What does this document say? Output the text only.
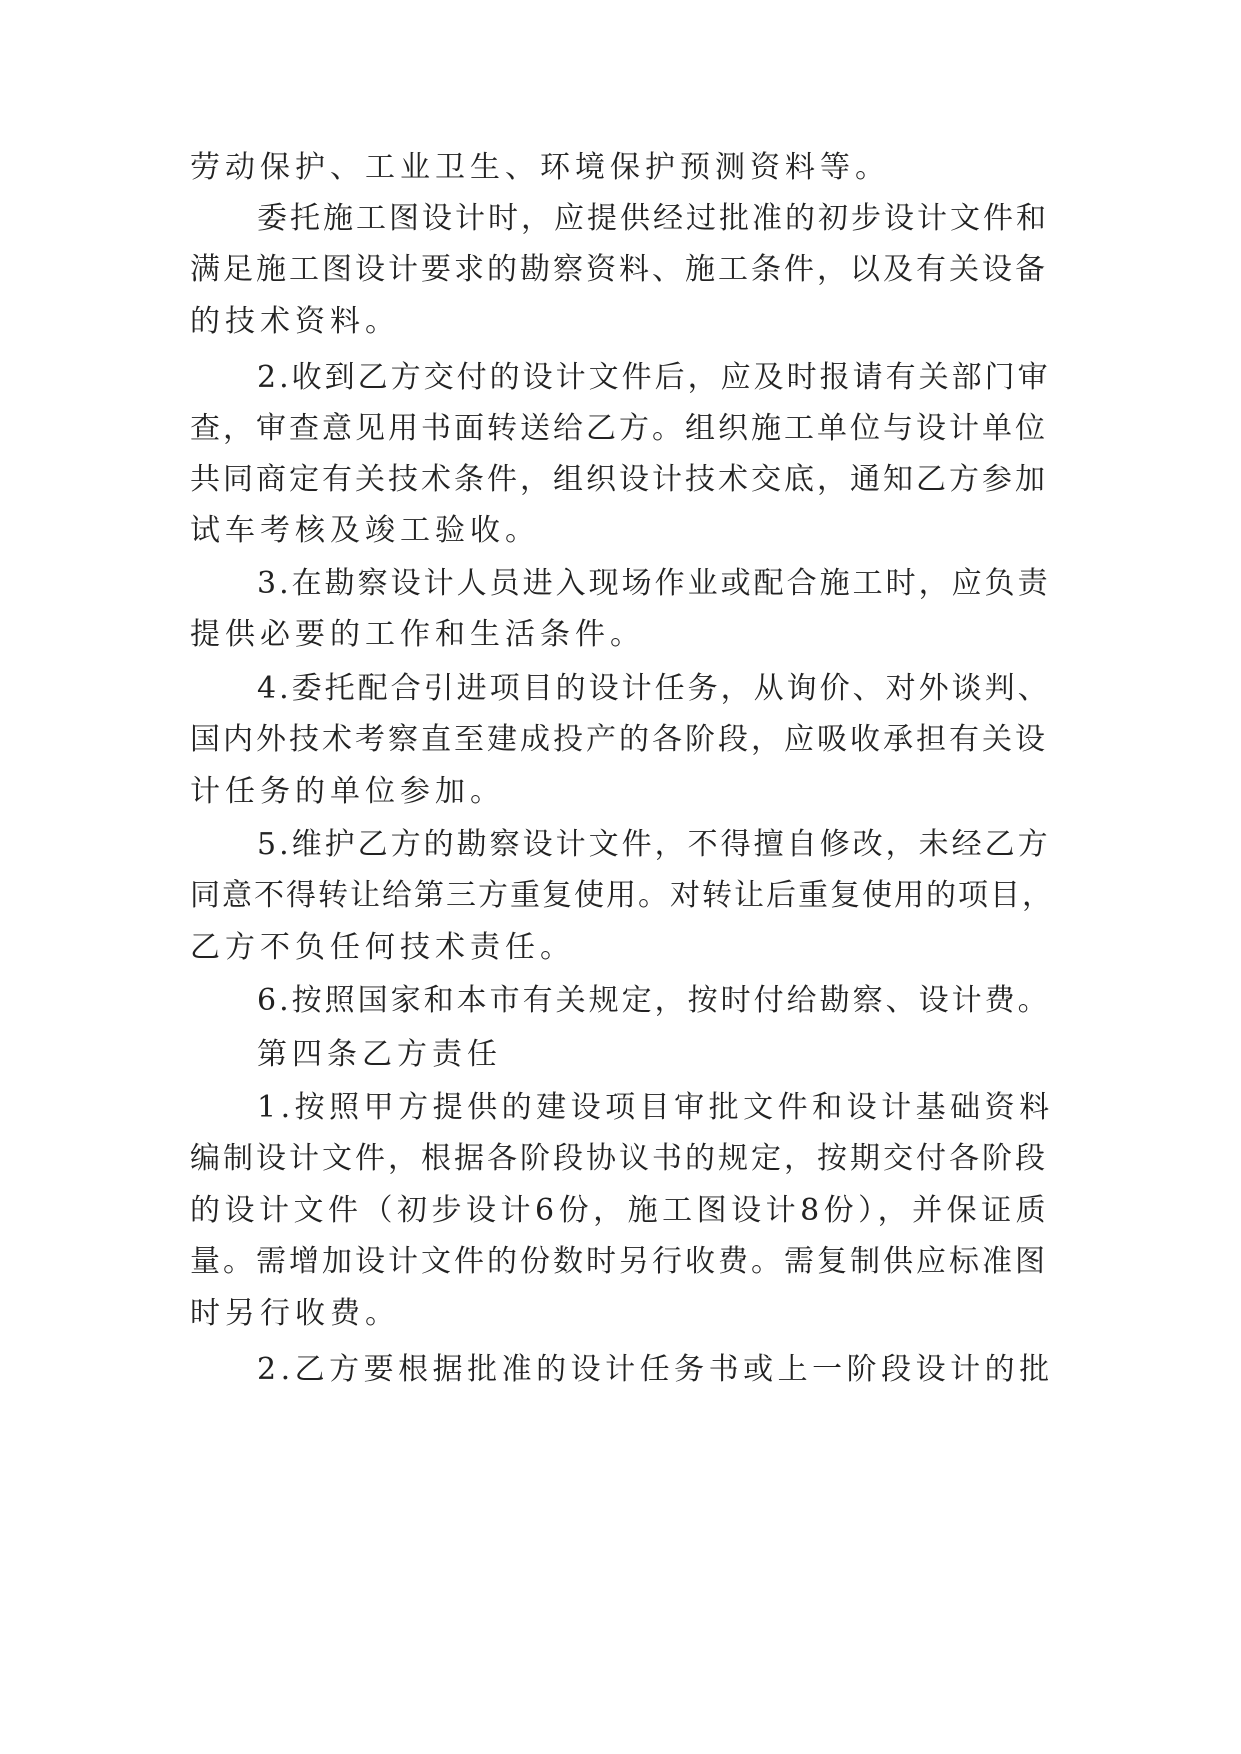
劳动保护、工业卫生、环境保护预测资料等。
委托施工图设计时，应提供经过批准的初步设计文件和
满足施工图设计要求的勘察资料、施工条件，以及有关设备
的技术资料。
2.收到乙方交付的设计文件后，应及时报请有关部门审
查，审查意见用书面转送给乙方。组织施工单位与设计单位
共同商定有关技术条件，组织设计技术交底，通知乙方参加
试车考核及竣工验收。
3.在勘察设计人员进入现场作业或配合施工时，应负责
提供必要的工作和生活条件。
4.委托配合引进项目的设计任务，从询价、对外谈判、
国内外技术考察直至建成投产的各阶段，应吸收承担有关设
计任务的单位参加。
5.维护乙方的勘察设计文件，不得擅自修改，未经乙方
同意不得转让给第三方重复使用。对转让后重复使用的项目，
乙方不负任何技术责任。
6.按照国家和本市有关规定，按时付给勘察、设计费。
第四条乙方责任
1.按照甲方提供的建设项目审批文件和设计基础资料
编制设计文件，根据各阶段协议书的规定，按期交付各阶段
的设计文件（初步设计6份，施工图设计8份），并保证质
量。需增加设计文件的份数时另行收费。需复制供应标准图
时另行收费。
2.乙方要根据批准的设计任务书或上一阶段设计的批
